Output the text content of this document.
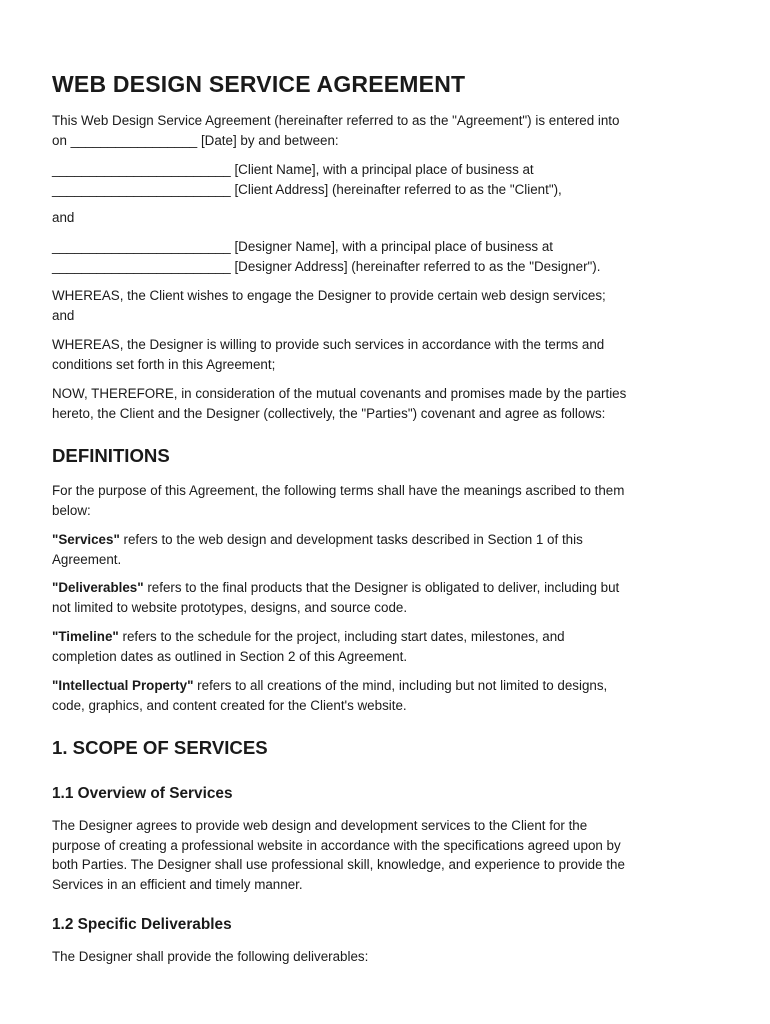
WEB DESIGN SERVICE AGREEMENT

This Web Design Service Agreement (hereinafter referred to as the "Agreement") is entered into

on _________________ [Date] by and between:

________________________ [Client Name], with a principal place of business at

________________________ [Client Address] (hereinafter referred to as the "Client"),

and

________________________ [Designer Name], with a principal place of business at

________________________ [Designer Address] (hereinafter referred to as the "Designer").

WHEREAS, the Client wishes to engage the Designer to provide certain web design services;

and

WHEREAS, the Designer is willing to provide such services in accordance with the terms and

conditions set forth in this Agreement;

NOW, THEREFORE, in consideration of the mutual covenants and promises made by the parties

hereto, the Client and the Designer (collectively, the "Parties") covenant and agree as follows:

DEFINITIONS

For the purpose of this Agreement, the following terms shall have the meanings ascribed to them

below:

"Services" refers to the web design and development tasks described in Section 1 of this

Agreement.

"Deliverables" refers to the final products that the Designer is obligated to deliver, including but

not limited to website prototypes, designs, and source code.

"Timeline" refers to the schedule for the project, including start dates, milestones, and

completion dates as outlined in Section 2 of this Agreement.

"Intellectual Property" refers to all creations of the mind, including but not limited to designs,

code, graphics, and content created for the Client's website.

1. SCOPE OF SERVICES
1.1 Overview of Services

The Designer agrees to provide web design and development services to the Client for the

purpose of creating a professional website in accordance with the specifications agreed upon by

both Parties. The Designer shall use professional skill, knowledge, and experience to provide the

Services in an efficient and timely manner.

1.2 Specific Deliverables

The Designer shall provide the following deliverables:
